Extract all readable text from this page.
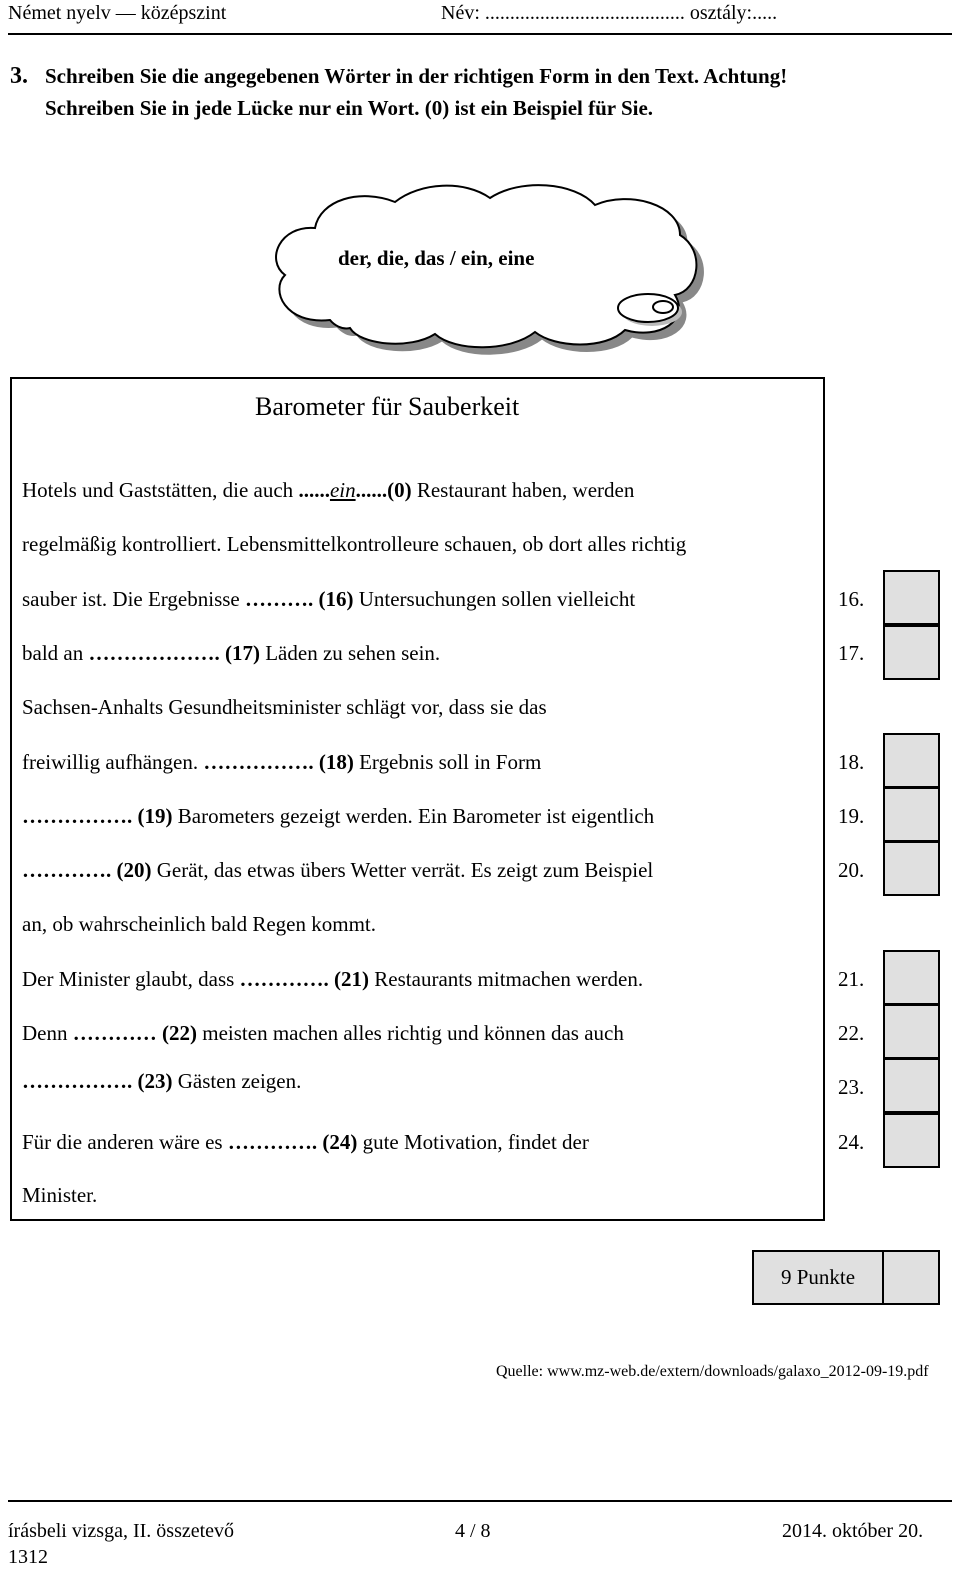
Német nyelv — középszint	Név: ........................................ osztály:.....
3. Schreiben Sie die angegebenen Wörter in der richtigen Form in den Text. Achtung!
Schreiben Sie in jede Lücke nur ein Wort. (0) ist ein Beispiel für Sie.
der, die, das / ein, eine
Barometer für Sauberkeit
Hotels und Gaststätten, die auch ......ein......(0) Restaurant haben, werden
regelmäßig kontrolliert. Lebensmittelkontrolleure schauen, ob dort alles richtig
sauber ist. Die Ergebnisse ………. (16) Untersuchungen sollen vielleicht
bald an ………………. (17) Läden zu sehen sein.
Sachsen-Anhalts Gesundheitsminister schlägt vor, dass sie das
freiwillig aufhängen. ……………. (18) Ergebnis soll in Form
……………. (19) Barometers gezeigt werden. Ein Barometer ist eigentlich
…………. (20) Gerät, das etwas übers Wetter verrät. Es zeigt zum Beispiel
an, ob wahrscheinlich bald Regen kommt.
Der Minister glaubt, dass …………. (21) Restaurants mitmachen werden.
Denn ………… (22) meisten machen alles richtig und können das auch
……………. (23) Gästen zeigen.
Für die anderen wäre es …………. (24) gute Motivation, findet der
Minister.
16.
17.
18.
19.
20.
21.
22.
23.
24.
9 Punkte
Quelle: www.mz-web.de/extern/downloads/galaxo_2012-09-19.pdf
írásbeli vizsga, II. összetevő
1312
4 / 8	2014. október 20.
